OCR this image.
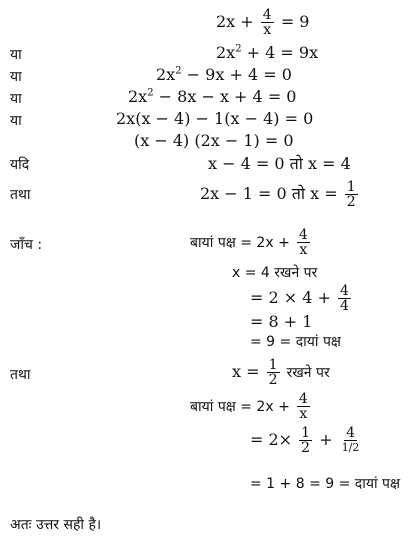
$2x + \frac{4}{x} = 9$
या	$2x^2 + 4 = 9x$
या	$2x^2 - 9x + 4 = 0$
या	$2x^2 - 8x - x + 4 = 0$
या	2x(x − 4) − 1(x − 4) = 0
(x − 4) (2x − 1) = 0
यदि	x − 4 = 0 तो x = 4
तथा	2x − 1 = 0 तो $x = \frac{1}{2}$
जाँच :	बायां पक्ष = $2x + \frac{4}{x}$
x = 4 रखने पर
= $2 \times 4 + \frac{4}{4}$
= 8 + 1
= 9 = दायां पक्ष
तथा	$x = \frac{1}{2}$ रखने पर
बायां पक्ष = $2x + \frac{4}{x}$
= $2\times \frac{1}{2} + \frac{4}{1/2}$
= 1 + 8 = 9 = दायां पक्ष
अतः उत्तर सही है।
